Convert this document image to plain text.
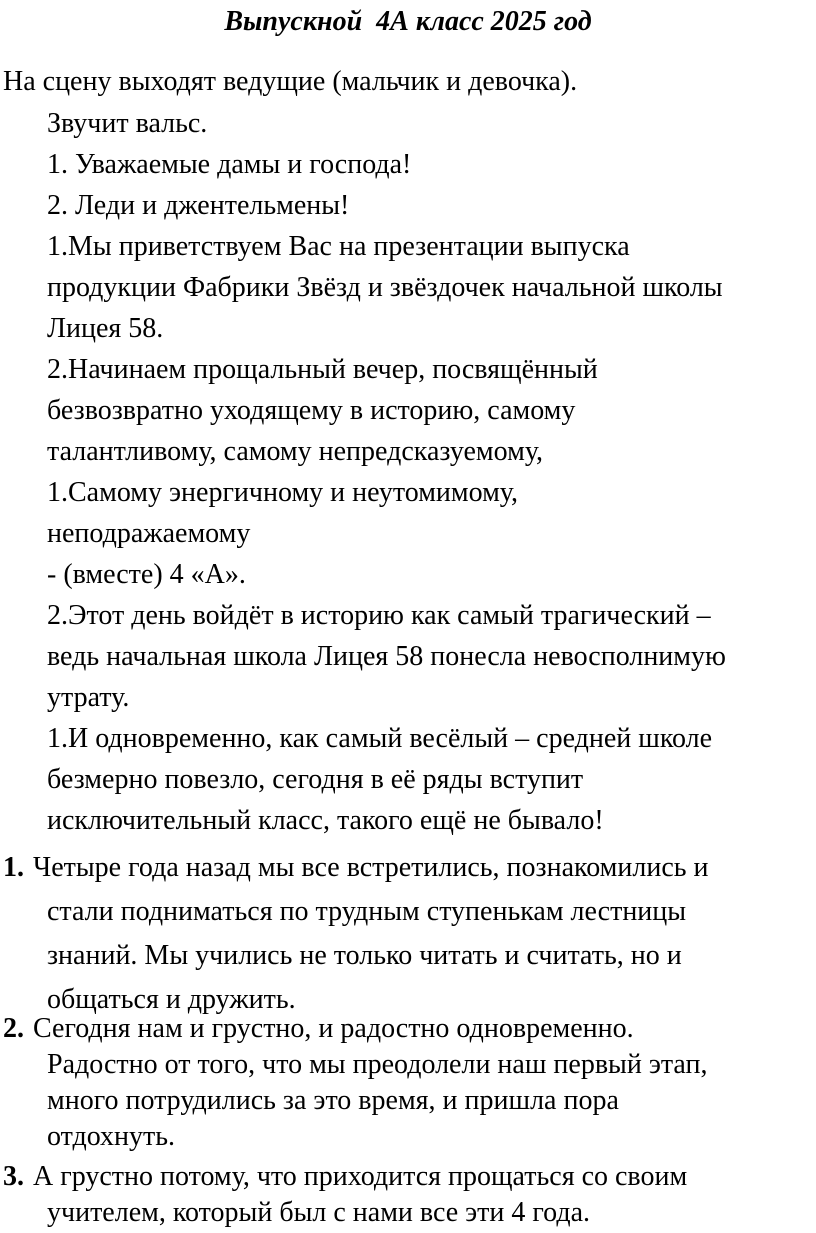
Выпускной  4А класс 2025 год
На сцену выходят ведущие (мальчик и девочка).
Звучит вальс.
1. Уважаемые дамы и господа!
2. Леди и джентельмены!
1.Мы приветствуем Вас на презентации выпуска
продукции Фабрики Звёзд и звёздочек начальной школы
Лицея 58.
2.Начинаем прощальный вечер, посвящённый
безвозвратно уходящему в историю, самому
талантливому, самому непредсказуемому,
1.Самому энергичному и неутомимому,
неподражаемому
- (вместе) 4 «А».
2.Этот день войдёт в историю как самый трагический –
ведь начальная школа Лицея 58 понесла невосполнимую
утрату.
1.И одновременно, как самый весёлый – средней школе
безмерно повезло, сегодня в её ряды вступит
исключительный класс, такого ещё не бывало!
1. Четыре года назад мы все встретились, познакомились и
стали подниматься по трудным ступенькам лестницы
знаний. Мы учились не только читать и считать, но и
общаться и дружить.
2. Сегодня нам и грустно, и радостно одновременно.
Радостно от того, что мы преодолели наш первый этап,
много потрудились за это время, и пришла пора
отдохнуть.
3. А грустно потому, что приходится прощаться со своим
учителем, который был с нами все эти 4 года.
